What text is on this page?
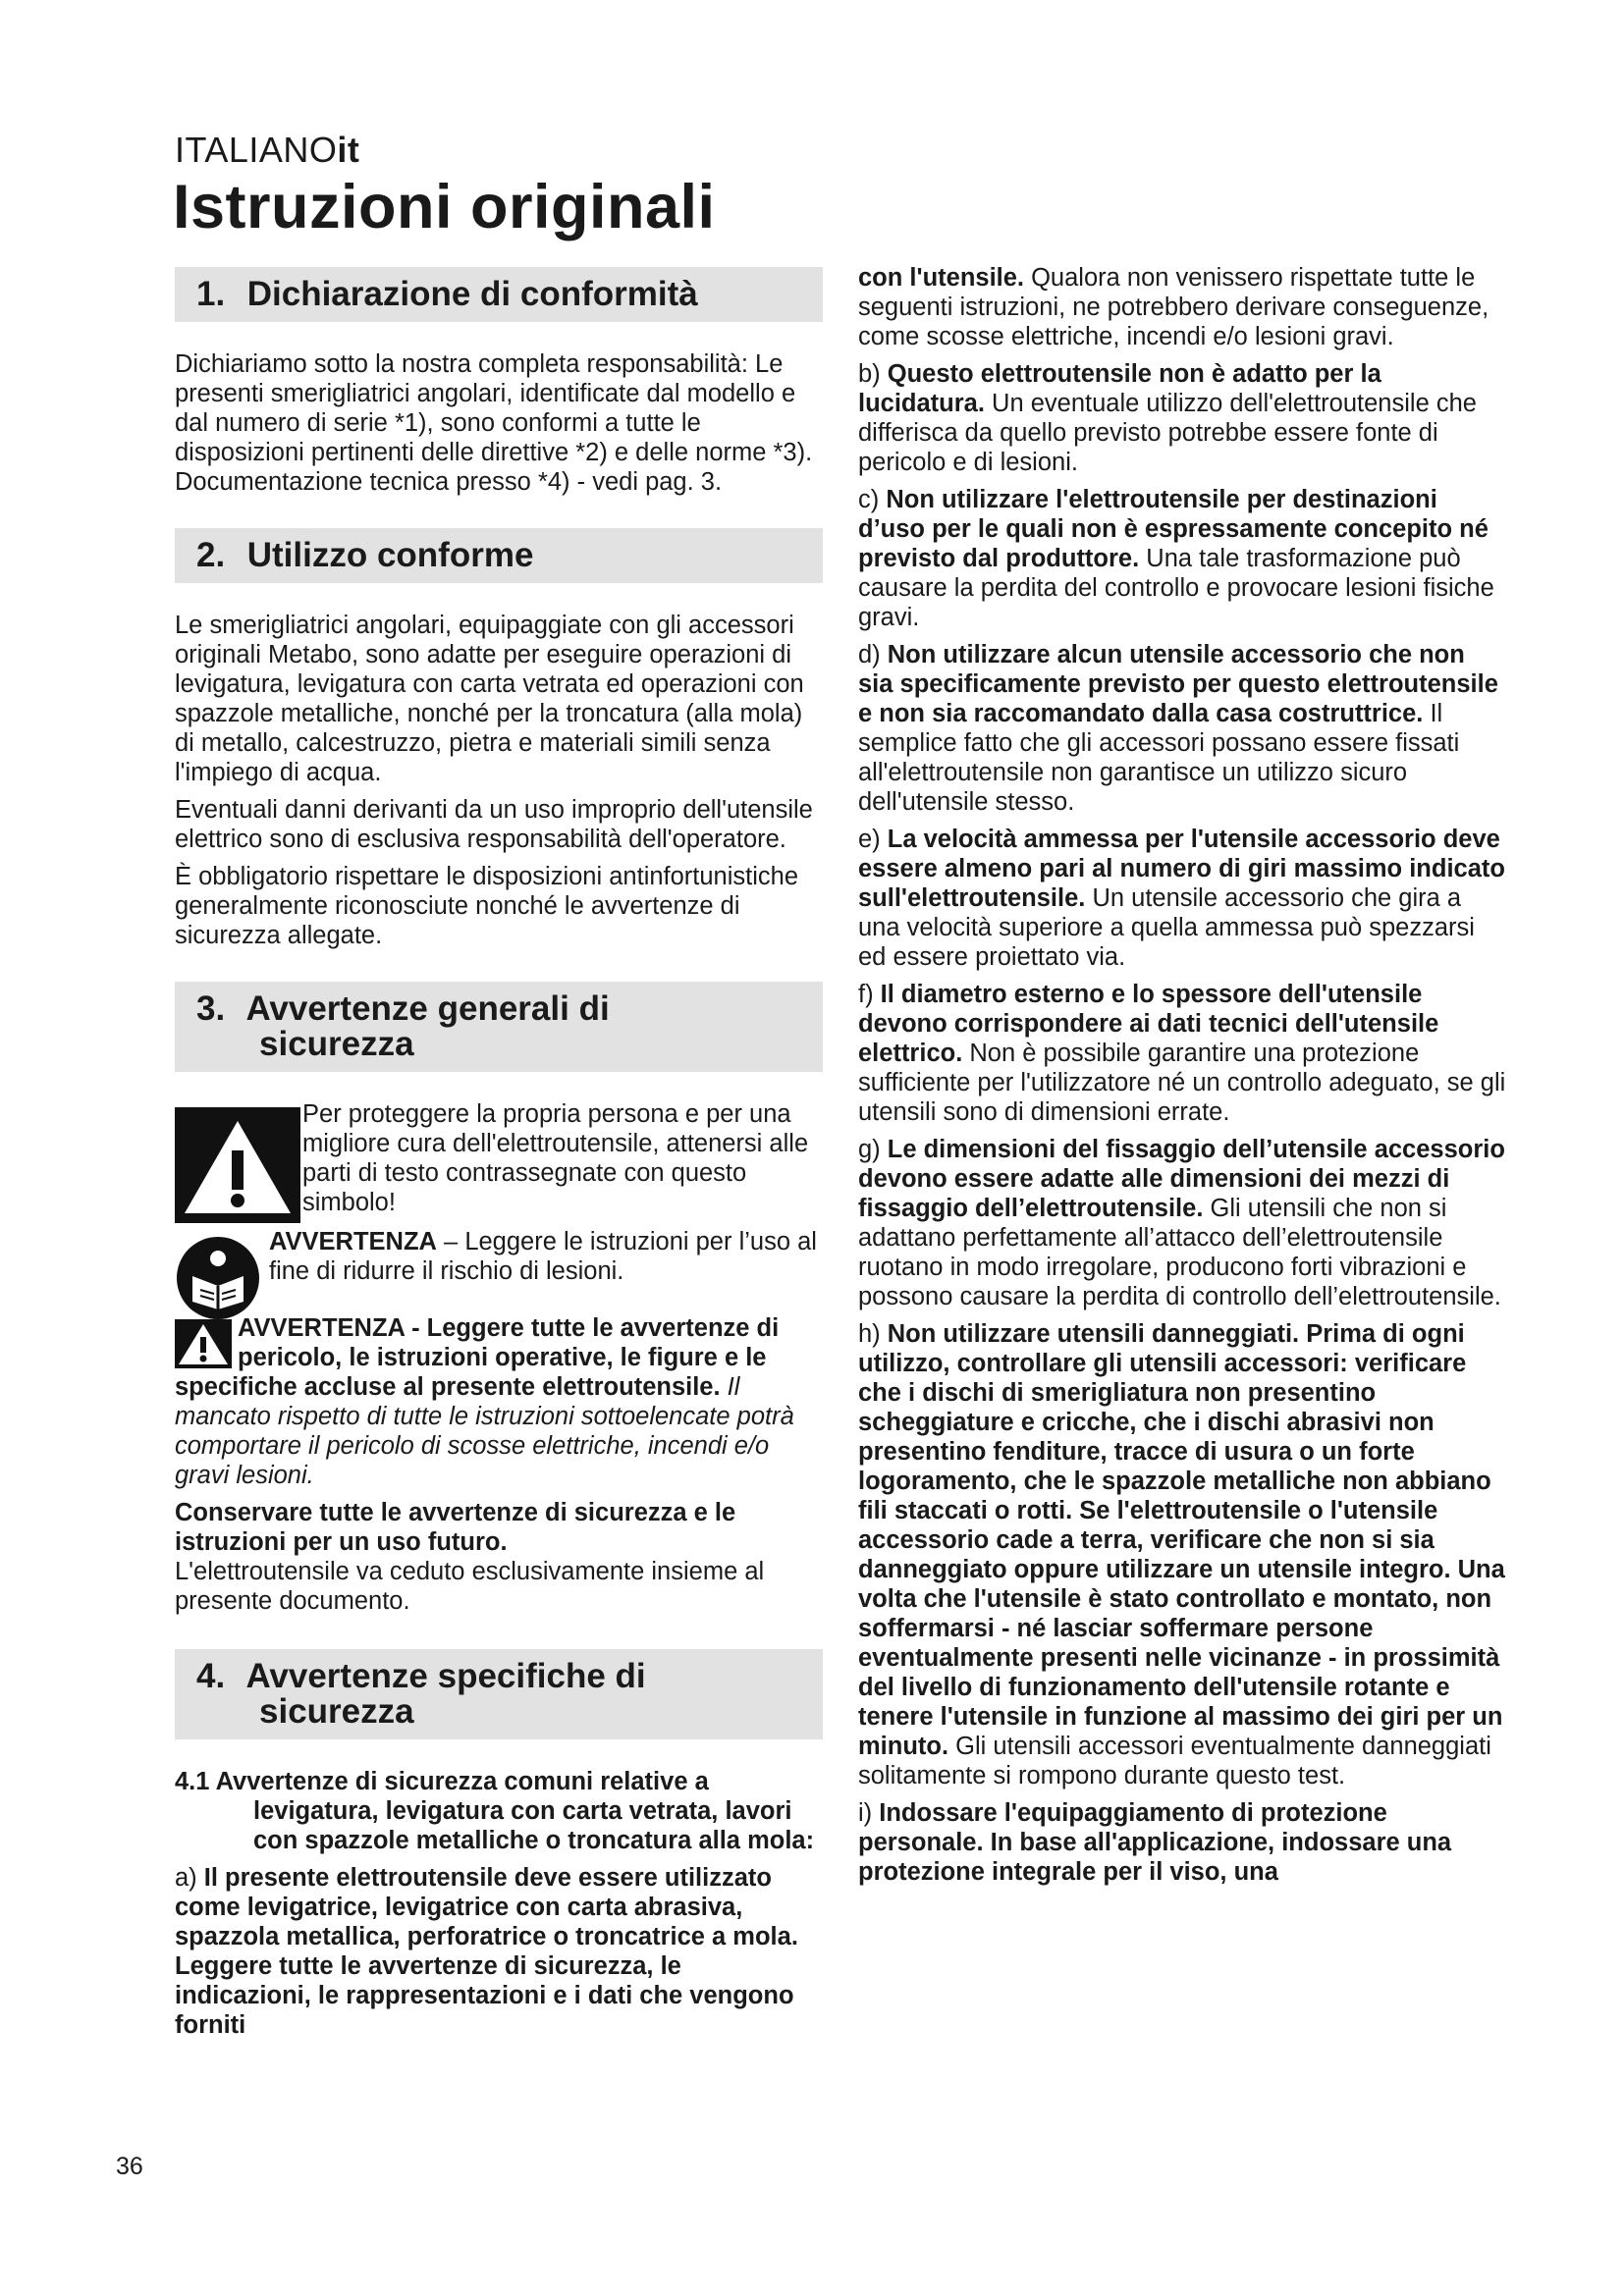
ITALIANOit
Istruzioni originali
1. Dichiarazione di conformità

Dichiariamo sotto la nostra completa responsabilità: Le presenti smerigliatrici angolari, identificate dal modello e dal numero di serie *1), sono conformi a tutte le disposizioni pertinenti delle direttive *2) e delle norme *3). Documentazione tecnica presso *4) - vedi pag. 3.

2. Utilizzo conforme

Le smerigliatrici angolari, equipaggiate con gli accessori originali Metabo, sono adatte per eseguire operazioni di levigatura, levigatura con carta vetrata ed operazioni con spazzole metalliche, nonché per la troncatura (alla mola) di metallo, calcestruzzo, pietra e materiali simili senza l'impiego di acqua.

Eventuali danni derivanti da un uso improprio dell'utensile elettrico sono di esclusiva responsabilità dell'operatore.

È obbligatorio rispettare le disposizioni antinfortunistiche generalmente riconosciute nonché le avvertenze di sicurezza allegate.

3. Avvertenze generali di
sicurezza

Per proteggere la propria persona e per una migliore cura dell'elettroutensile, attenersi alle parti di testo contrassegnate con questo simbolo!

AVVERTENZA – Leggere le istruzioni per l’uso al fine di ridurre il rischio di lesioni.

AVVERTENZA - Leggere tutte le avvertenze di pericolo, le istruzioni operative, le figure e le specifiche accluse al presente elettroutensile. Il mancato rispetto di tutte le istruzioni sottoelencate potrà comportare il pericolo di scosse elettriche, incendi e/o gravi lesioni.

Conservare tutte le avvertenze di sicurezza e le istruzioni per un uso futuro.

L'elettroutensile va ceduto esclusivamente insieme al presente documento.

4. Avvertenze specifiche di
sicurezza

4.1 Avvertenze di sicurezza comuni relative a levigatura, levigatura con carta vetrata, lavori con spazzole metalliche o troncatura alla mola:

a) Il presente elettroutensile deve essere utilizzato come levigatrice, levigatrice con carta abrasiva, spazzola metallica, perforatrice o troncatrice a mola. Leggere tutte le avvertenze di sicurezza, le indicazioni, le rappresentazioni e i dati che vengono forniti

con l'utensile. Qualora non venissero rispettate tutte le seguenti istruzioni, ne potrebbero derivare conseguenze, come scosse elettriche, incendi e/o lesioni gravi.

b) Questo elettroutensile non è adatto per la lucidatura. Un eventuale utilizzo dell'elettroutensile che differisca da quello previsto potrebbe essere fonte di pericolo e di lesioni.

c) Non utilizzare l'elettroutensile per destinazioni d’uso per le quali non è espressamente concepito né previsto dal produttore. Una tale trasformazione può causare la perdita del controllo e provocare lesioni fisiche gravi.

d) Non utilizzare alcun utensile accessorio che non sia specificamente previsto per questo elettroutensile e non sia raccomandato dalla casa costruttrice. Il semplice fatto che gli accessori possano essere fissati all'elettroutensile non garantisce un utilizzo sicuro dell'utensile stesso.

e) La velocità ammessa per l'utensile accessorio deve essere almeno pari al numero di giri massimo indicato sull'elettroutensile. Un utensile accessorio che gira a una velocità superiore a quella ammessa può spezzarsi ed essere proiettato via.

f) Il diametro esterno e lo spessore dell'utensile devono corrispondere ai dati tecnici dell'utensile elettrico. Non è possibile garantire una protezione sufficiente per l'utilizzatore né un controllo adeguato, se gli utensili sono di dimensioni errate.

g) Le dimensioni del fissaggio dell’utensile accessorio devono essere adatte alle dimensioni dei mezzi di fissaggio dell’elettroutensile. Gli utensili che non si adattano perfettamente all’attacco dell’elettroutensile ruotano in modo irregolare, producono forti vibrazioni e possono causare la perdita di controllo dell’elettroutensile.

h) Non utilizzare utensili danneggiati. Prima di ogni utilizzo, controllare gli utensili accessori: verificare che i dischi di smerigliatura non presentino scheggiature e cricche, che i dischi abrasivi non presentino fenditure, tracce di usura o un forte logoramento, che le spazzole metalliche non abbiano fili staccati o rotti. Se l'elettroutensile o l'utensile accessorio cade a terra, verificare che non si sia danneggiato oppure utilizzare un utensile integro. Una volta che l'utensile è stato controllato e montato, non soffermarsi - né lasciar soffermare persone eventualmente presenti nelle vicinanze - in prossimità del livello di funzionamento dell'utensile rotante e tenere l'utensile in funzione al massimo dei giri per un minuto. Gli utensili accessori eventualmente danneggiati solitamente si rompono durante questo test.

i) Indossare l'equipaggiamento di protezione personale. In base all'applicazione, indossare una protezione integrale per il viso, una

36
